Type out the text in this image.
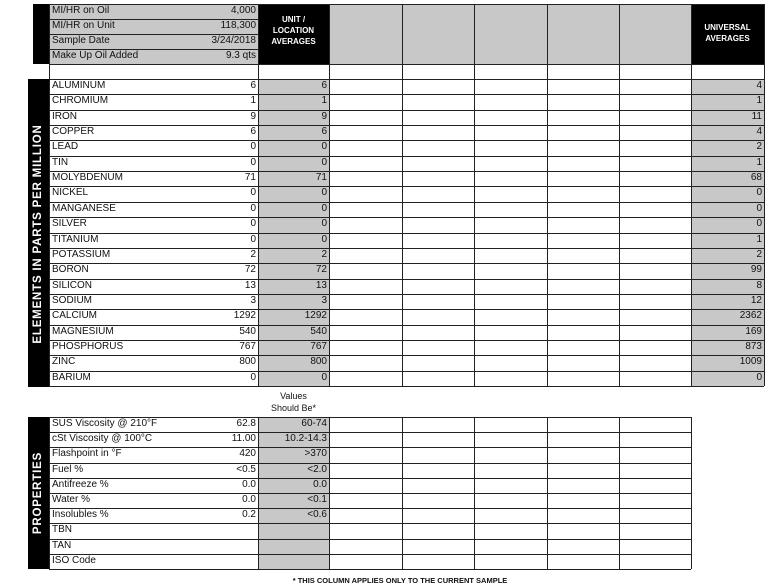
UNIT /
LOCATION
AVERAGES
UNIVERSAL
AVERAGES
MI/HR on Oil	4,000
MI/HR on Unit	118,300
Sample Date	3/24/2018
Make Up Oil Added	9.3 qts
ELEMENTS IN PARTS PER MILLION
ALUMINUM	6	6	4
CHROMIUM	1	1	1
IRON	9	9	11
COPPER	6	6	4
LEAD	0	0	2
TIN	0	0	1
MOLYBDENUM	71	71	68
NICKEL	0	0	0
MANGANESE	0	0	0
SILVER	0	0	0
TITANIUM	0	0	1
POTASSIUM	2	2	2
BORON	72	72	99
SILICON	13	13	8
SODIUM	3	3	12
CALCIUM	1292	1292	2362
MAGNESIUM	540	540	169
PHOSPHORUS	767	767	873
ZINC	800	800	1009
BARIUM	0	0	0
Values
Should Be*
PROPERTIES
SUS Viscosity @ 210°F	62.8	60-74
cSt Viscosity @ 100°C	11.00	10.2-14.3
Flashpoint in °F	420	>370
Fuel %	<0.5	<2.0
Antifreeze %	0.0	0.0
Water %	0.0	<0.1
Insolubles %	0.2	<0.6
TBN
TAN
ISO Code
* THIS COLUMN APPLIES ONLY TO THE CURRENT SAMPLE
